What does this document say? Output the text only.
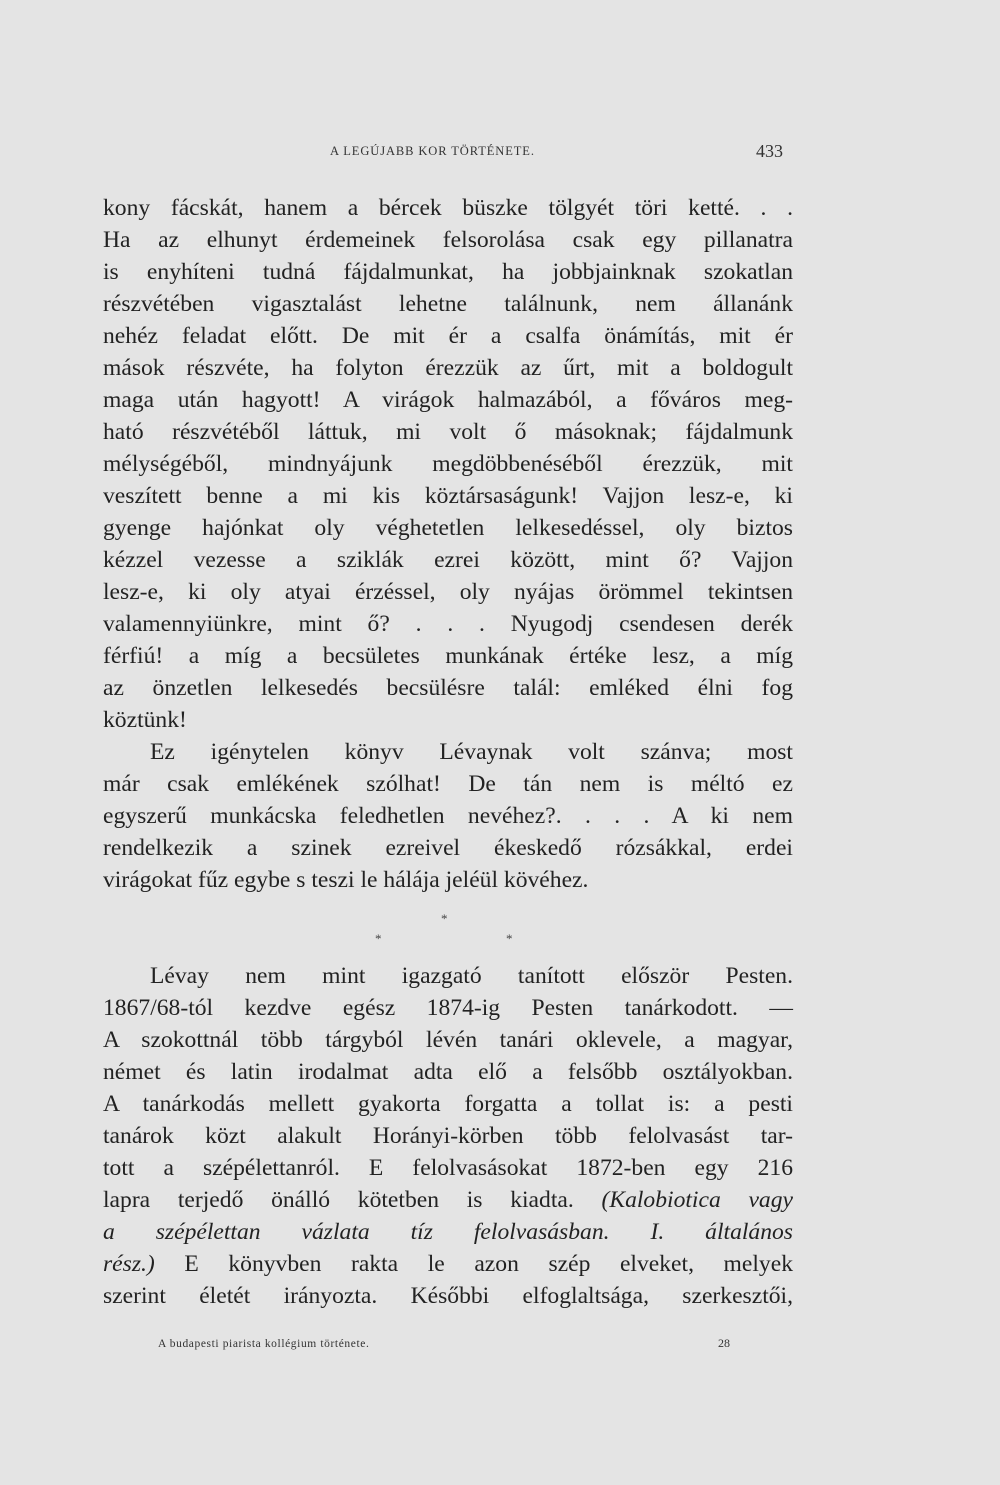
A LEGÚJABB KOR TÖRTÉNETE.	433
kony fácskát, hanem a bércek büszke tölgyét töri ketté. . .
Ha az elhunyt érdemeinek felsorolása csak egy pillanatra
is enyhíteni tudná fájdalmunkat, ha jobbjainknak szokatlan
részvétében vigasztalást lehetne találnunk, nem állanánk
nehéz feladat előtt. De mit ér a csalfa önámítás, mit ér
mások részvéte, ha folyton érezzük az űrt, mit a boldogult
maga után hagyott! A virágok halmazából, a főváros meg-
ható részvétéből láttuk, mi volt ő másoknak; fájdalmunk
mélységéből, mindnyájunk megdöbbenéséből érezzük, mit
veszített benne a mi kis köztársaságunk! Vajjon lesz-e, ki
gyenge hajónkat oly véghetetlen lelkesedéssel, oly biztos
kézzel vezesse a sziklák ezrei között, mint ő? Vajjon
lesz-e, ki oly atyai érzéssel, oly nyájas örömmel tekintsen
valamennyiünkre, mint ő? . . . Nyugodj csendesen derék
férfiú! a míg a becsületes munkának értéke lesz, a míg
az önzetlen lelkesedés becsülésre talál: emléked élni fog
köztünk!
Ez igénytelen könyv Lévaynak volt szánva; most
már csak emlékének szólhat! De tán nem is méltó ez
egyszerű munkácska feledhetlen nevéhez?. . . . A ki nem
rendelkezik a szinek ezreivel ékeskedő rózsákkal, erdei
virágokat fűz egybe s teszi le hálája jeléül kövéhez.
*
*	*
Lévay nem mint igazgató tanított először Pesten.
1867/68-tól kezdve egész 1874-ig Pesten tanárkodott. —
A szokottnál több tárgyból lévén tanári oklevele, a magyar,
német és latin irodalmat adta elő a felsőbb osztályokban.
A tanárkodás mellett gyakorta forgatta a tollat is: a pesti
tanárok közt alakult Horányi-körben több felolvasást tar-
tott a szépélettanról. E felolvasásokat 1872-ben egy 216
lapra terjedő önálló kötetben is kiadta. (Kalobiotica vagy
a szépélettan vázlata tíz felolvasásban. I. általános
rész.) E könyvben rakta le azon szép elveket, melyek
szerint életét irányozta. Későbbi elfoglaltsága, szerkesztői,
A budapesti piarista kollégium története.	28
